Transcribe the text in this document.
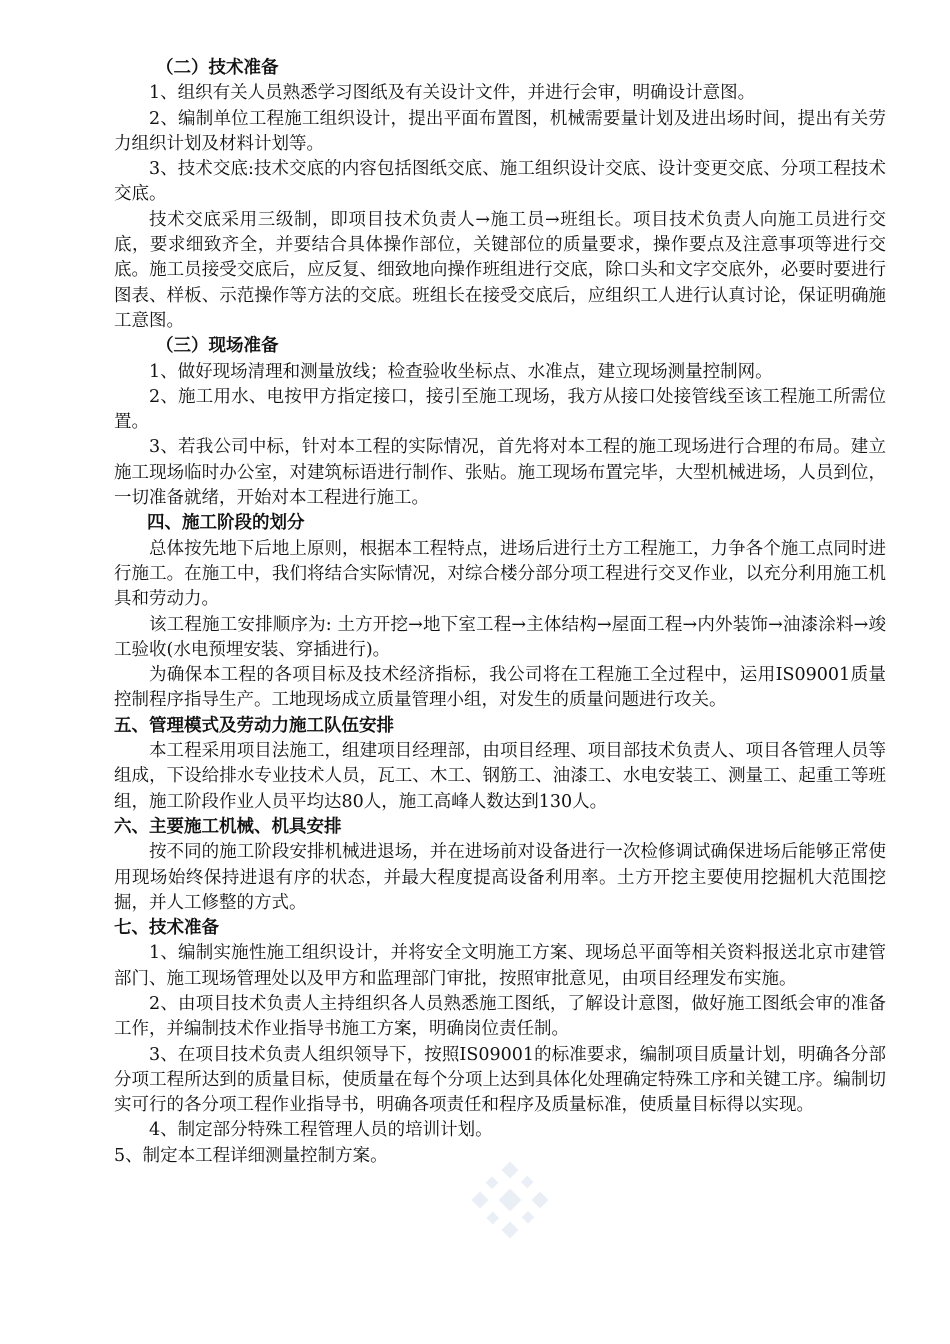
（二）技术准备

1、组织有关人员熟悉学习图纸及有关设计文件，并进行会审，明确设计意图。

2、编制单位工程施工组织设计，提出平面布置图，机械需要量计划及进出场时间，提出有关劳力组织计划及材料计划等。

3、技术交底:技术交底的内容包括图纸交底、施工组织设计交底、设计变更交底、分项工程技术交底。

技术交底采用三级制，即项目技术负责人→施工员→班组长。项目技术负责人向施工员进行交底，要求细致齐全，并要结合具体操作部位，关键部位的质量要求，操作要点及注意事项等进行交底。施工员接受交底后，应反复、细致地向操作班组进行交底，除口头和文字交底外，必要时要进行图表、样板、示范操作等方法的交底。班组长在接受交底后，应组织工人进行认真讨论，保证明确施工意图。

（三）现场准备

1、做好现场清理和测量放线；检查验收坐标点、水准点，建立现场测量控制网。

2、施工用水、电按甲方指定接口，接引至施工现场，我方从接口处接管线至该工程施工所需位置。

3、若我公司中标，针对本工程的实际情况，首先将对本工程的施工现场进行合理的布局。建立施工现场临时办公室，对建筑标语进行制作、张贴。施工现场布置完毕，大型机械进场，人员到位，一切准备就绪，开始对本工程进行施工。

四、施工阶段的划分

总体按先地下后地上原则，根据本工程特点，进场后进行土方工程施工，力争各个施工点同时进行施工。在施工中，我们将结合实际情况，对综合楼分部分项工程进行交叉作业，以充分利用施工机具和劳动力。

该工程施工安排顺序为: 土方开挖→地下室工程→主体结构→屋面工程→内外装饰→油漆涂料→竣工验收(水电预埋安装、穿插进行)。

为确保本工程的各项目标及技术经济指标，我公司将在工程施工全过程中，运用IS09001质量控制程序指导生产。工地现场成立质量管理小组，对发生的质量问题进行攻关。

五、管理模式及劳动力施工队伍安排

本工程采用项目法施工，组建项目经理部，由项目经理、项目部技术负责人、项目各管理人员等组成，下设给排水专业技术人员，瓦工、木工、钢筋工、油漆工、水电安装工、测量工、起重工等班组，施工阶段作业人员平均达80人，施工高峰人数达到130人。

六、主要施工机械、机具安排

按不同的施工阶段安排机械进退场，并在进场前对设备进行一次检修调试确保进场后能够正常使用现场始终保持进退有序的状态，并最大程度提高设备利用率。土方开挖主要使用挖掘机大范围挖掘，并人工修整的方式。

七、技术准备

1、编制实施性施工组织设计，并将安全文明施工方案、现场总平面等相关资料报送北京市建管部门、施工现场管理处以及甲方和监理部门审批，按照审批意见，由项目经理发布实施。

2、由项目技术负责人主持组织各人员熟悉施工图纸，了解设计意图，做好施工图纸会审的准备工作，并编制技术作业指导书施工方案，明确岗位责任制。

3、在项目技术负责人组织领导下，按照IS09001的标准要求，编制项目质量计划，明确各分部分项工程所达到的质量目标，使质量在每个分项上达到具体化处理确定特殊工序和关键工序。编制切实可行的各分项工程作业指导书，明确各项责任和程序及质量标准，使质量目标得以实现。

4、制定部分特殊工程管理人员的培训计划。

5、制定本工程详细测量控制方案。
